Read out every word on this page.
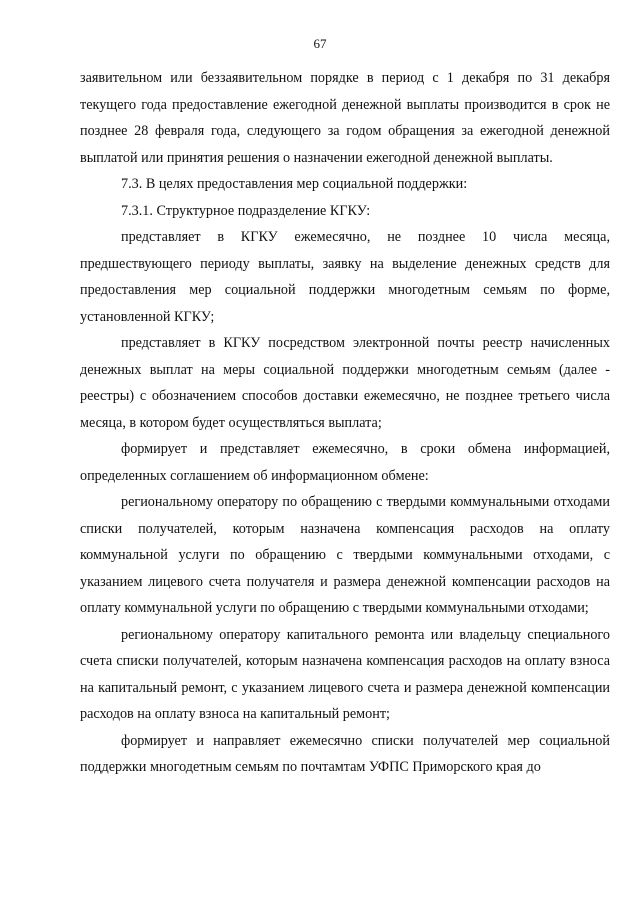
67

заявительном или беззаявительном порядке в период с 1 декабря по 31 декабря текущего года предоставление ежегодной денежной выплаты производится в срок не позднее 28 февраля года, следующего за годом обращения за ежегодной денежной выплатой или принятия решения о назначении ежегодной денежной выплаты.

7.3. В целях предоставления мер социальной поддержки:

7.3.1. Структурное подразделение КГКУ:

представляет в КГКУ ежемесячно, не позднее 10 числа месяца, предшествующего периоду выплаты, заявку на выделение денежных средств для предоставления мер социальной поддержки многодетным семьям по форме, установленной КГКУ;

представляет в КГКУ посредством электронной почты реестр начисленных денежных выплат на меры социальной поддержки многодетным семьям (далее - реестры) с обозначением способов доставки ежемесячно, не позднее третьего числа месяца, в котором будет осуществляться выплата;

формирует и представляет ежемесячно, в сроки обмена информацией, определенных соглашением об информационном обмене:

региональному оператору по обращению с твердыми коммунальными отходами списки получателей, которым назначена компенсация расходов на оплату коммунальной услуги по обращению с твердыми коммунальными отходами, с указанием лицевого счета получателя и размера денежной компенсации расходов на оплату коммунальной услуги по обращению с твердыми коммунальными отходами;

региональному оператору капитального ремонта или владельцу специального счета списки получателей, которым назначена компенсация расходов на оплату взноса на капитальный ремонт, с указанием лицевого счета и размера денежной компенсации расходов на оплату взноса на капитальный ремонт;

формирует и направляет ежемесячно списки получателей мер социальной поддержки многодетным семьям по почтамтам УФПС Приморского края до
